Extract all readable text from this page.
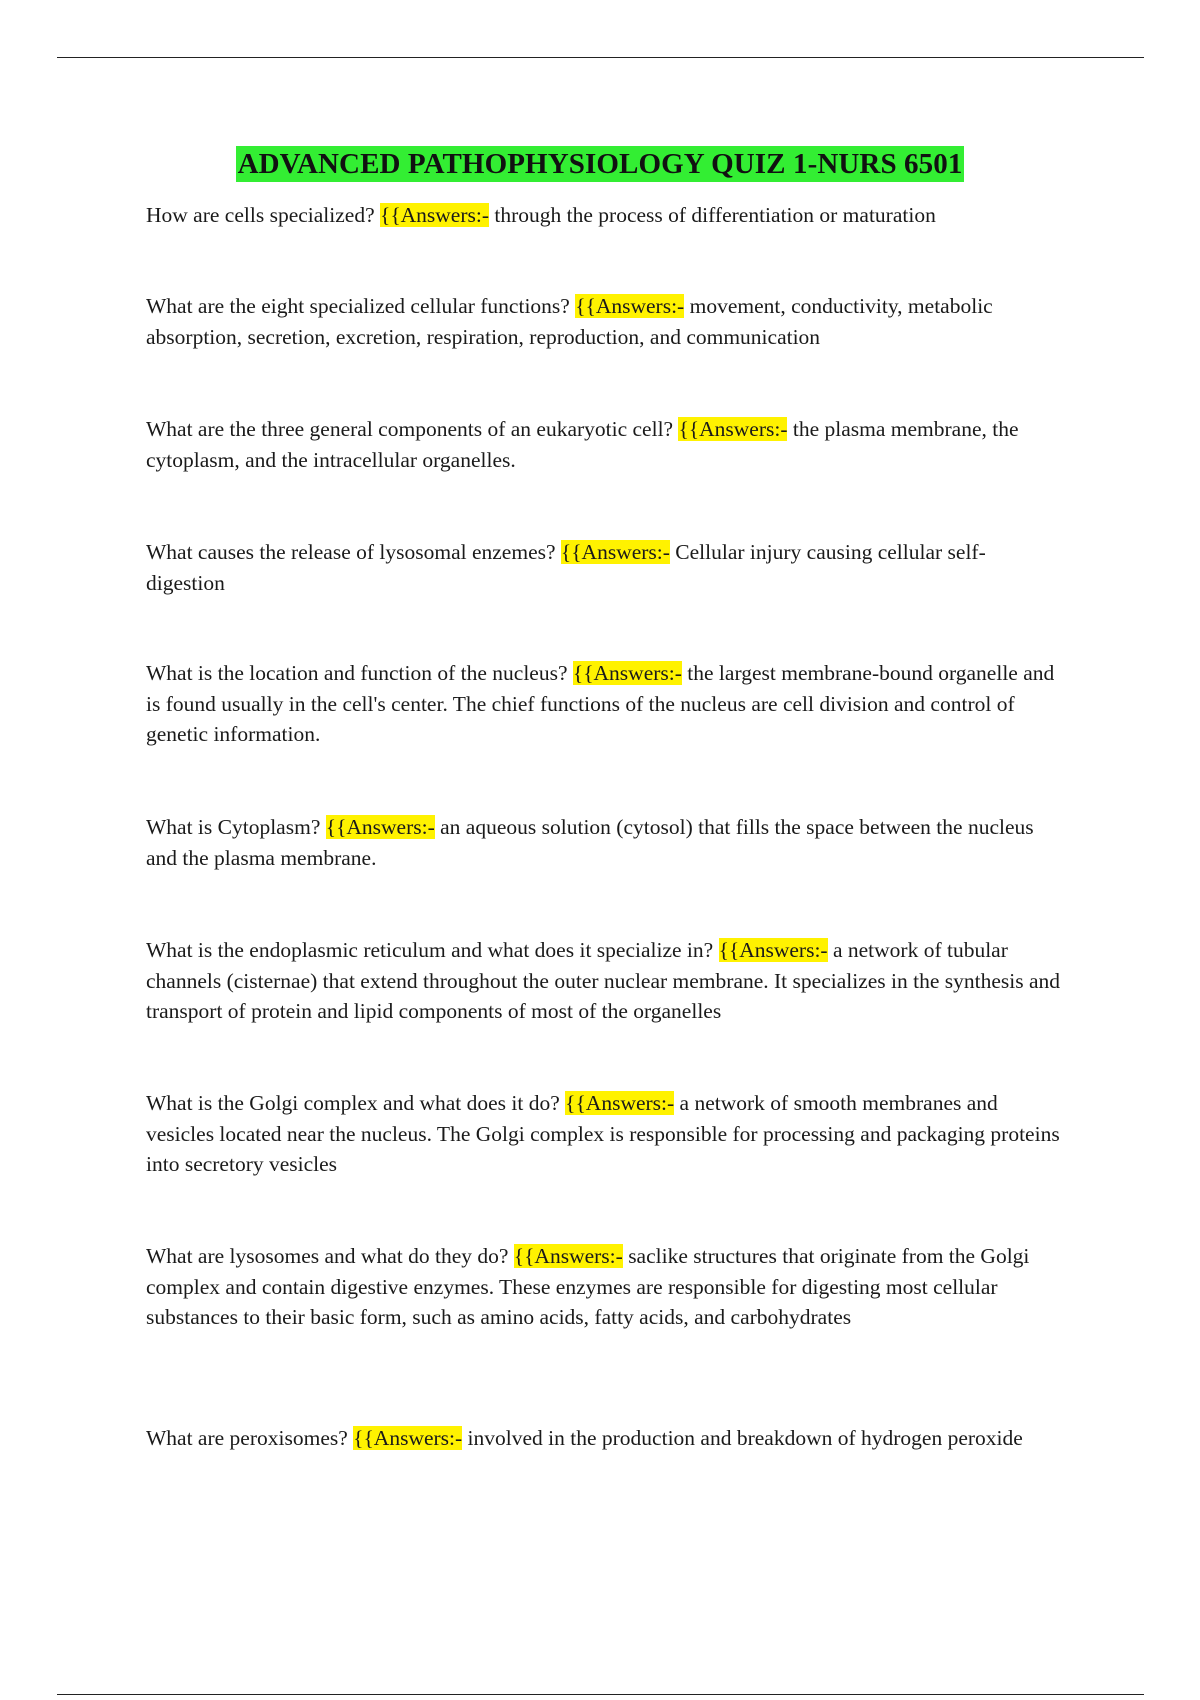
ADVANCED PATHOPHYSIOLOGY QUIZ 1-NURS 6501
How are cells specialized? {{Answers:- through the process of differentiation or maturation
What are the eight specialized cellular functions? {{Answers:- movement, conductivity, metabolic absorption, secretion, excretion, respiration, reproduction, and communication
What are the three general components of an eukaryotic cell? {{Answers:- the plasma membrane, the cytoplasm, and the intracellular organelles.
What causes the release of lysosomal enzemes? {{Answers:- Cellular injury causing cellular self-digestion
What is the location and function of the nucleus? {{Answers:- the largest membrane-bound organelle and is found usually in the cell's center. The chief functions of the nucleus are cell division and control of genetic information.
What is Cytoplasm? {{Answers:- an aqueous solution (cytosol) that fills the space between the nucleus and the plasma membrane.
What is the endoplasmic reticulum and what does it specialize in? {{Answers:- a network of tubular channels (cisternae) that extend throughout the outer nuclear membrane. It specializes in the synthesis and transport of protein and lipid components of most of the organelles
What is the Golgi complex and what does it do? {{Answers:- a network of smooth membranes and vesicles located near the nucleus. The Golgi complex is responsible for processing and packaging proteins into secretory vesicles
What are lysosomes and what do they do? {{Answers:- saclike structures that originate from the Golgi complex and contain digestive enzymes. These enzymes are responsible for digesting most cellular substances to their basic form, such as amino acids, fatty acids, and carbohydrates
What are peroxisomes? {{Answers:- involved in the production and breakdown of hydrogen peroxide
